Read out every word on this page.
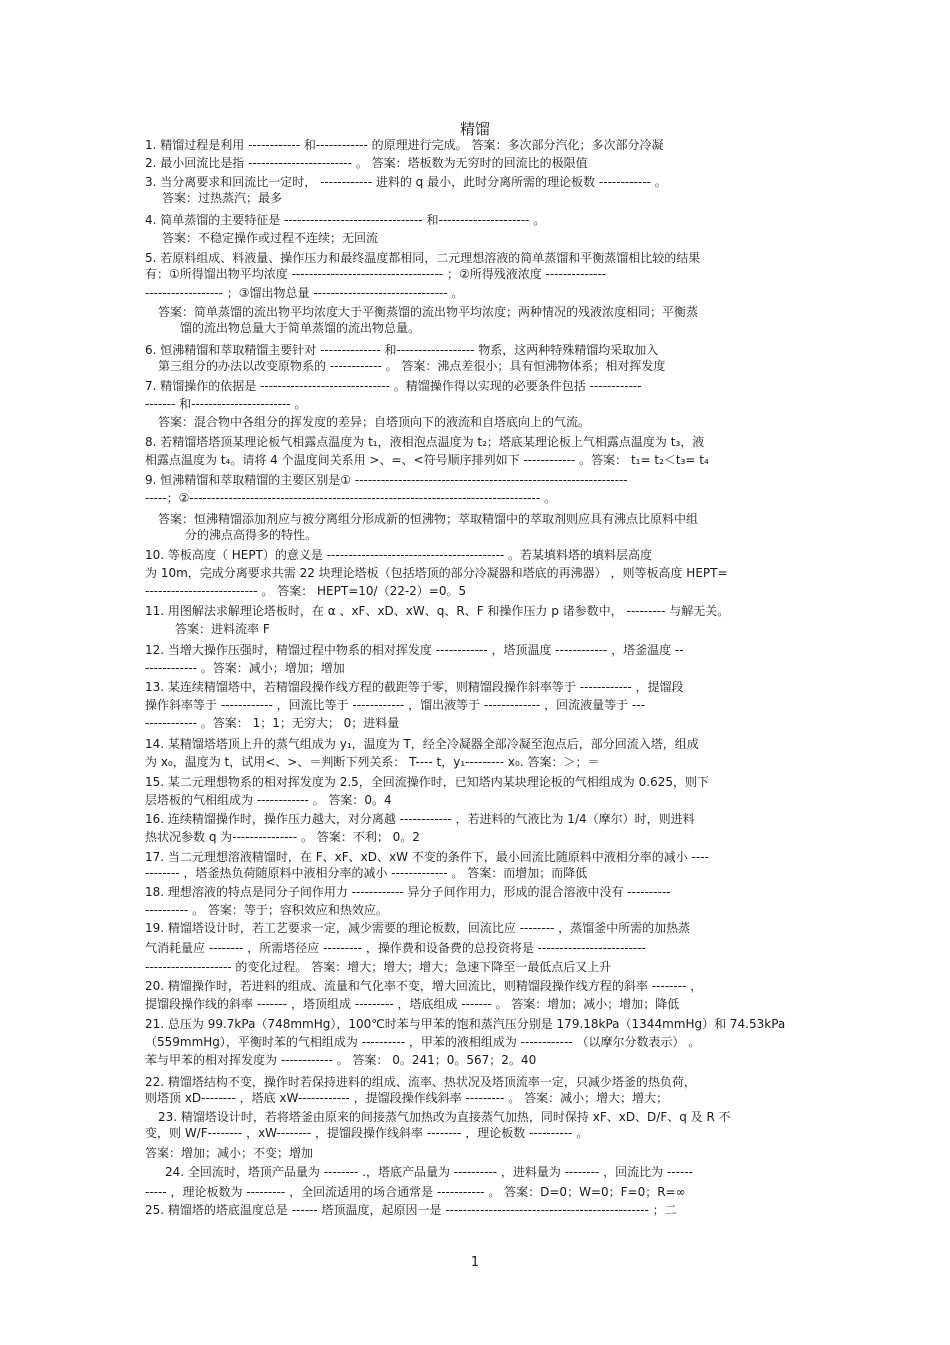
精馏
1. 精馏过程是利用 ------------ 和------------ 的原理进行完成。 答案：多次部分汽化；多次部分冷凝
2. 最小回流比是指 ------------------------ 。 答案：塔板数为无穷时的回流比的极限值
3. 当分离要求和回流比一定时， ------------ 进料的 q 最小，此时分离所需的理论板数 ------------ 。
答案：过热蒸汽；最多
4. 简单蒸馏的主要特征是 -------------------------------- 和--------------------- 。
答案：不稳定操作或过程不连续；无回流
5. 若原料组成、料液量、操作压力和最终温度都相同，二元理想溶液的简单蒸馏和平衡蒸馏相比较的结果
有：①所得馏出物平均浓度 ----------------------------------- ；②所得残液浓度 --------------
------------------ ；③馏出物总量 ------------------------------- 。
答案：简单蒸馏的流出物平均浓度大于平衡蒸馏的流出物平均浓度；两种情况的残液浓度相同；平衡蒸
馏的流出物总量大于简单蒸馏的流出物总量。
6. 恒沸精馏和萃取精馏主要针对 -------------- 和------------------ 物系，这两种特殊精馏均采取加入
第三组分的办法以改变原物系的 ------------ 。 答案：沸点差很小；具有恒沸物体系；相对挥发度
7. 精馏操作的依据是 ------------------------------ 。精馏操作得以实现的必要条件包括 ------------
------- 和----------------------- 。
答案：混合物中各组分的挥发度的差异；自塔顶向下的液流和自塔底向上的气流。
8. 若精馏塔塔顶某理论板气相露点温度为 t₁，液相泡点温度为 t₂；塔底某理论板上气相露点温度为 t₃，液
相露点温度为 t₄。请将 4 个温度间关系用 >、=、<符号顺序排列如下 ------------ 。答案： t₁= t₂＜t₃= t₄
9. 恒沸精馏和萃取精馏的主要区别是① ---------------------------------------------------------------
-----；②--------------------------------------------------------------------------------- 。
答案：恒沸精馏添加剂应与被分离组分形成新的恒沸物；萃取精馏中的萃取剂则应具有沸点比原料中组
分的沸点高得多的特性。
10. 等板高度（ HEPT）的意义是 ----------------------------------------- 。若某填料塔的填料层高度
为 10m，完成分离要求共需 22 块理论塔板（包括塔顶的部分冷凝器和塔底的再沸器） ，则等板高度 HEPT=
-------------------------- 。 答案： HEPT=10/（22-2）=0。5
11. 用图解法求解理论塔板时，在 α 、xF、xD、xW、q、R、F 和操作压力 p 诸参数中， --------- 与解无关。
答案：进料流率 F
12. 当增大操作压强时，精馏过程中物系的相对挥发度 ------------ ，塔顶温度 ------------ ，塔釜温度 --
------------ 。答案：减小；增加；增加
13. 某连续精馏塔中，若精馏段操作线方程的截距等于零，则精馏段操作斜率等于 ------------ ，提馏段
操作斜率等于 ------------ ，回流比等于 ------------ ，馏出液等于 ------------- ，回流液量等于 ---
------------ 。答案： 1；1；无穷大； 0；进料量
14. 某精馏塔塔顶上升的蒸气组成为 y₁，温度为 T，经全冷凝器全部冷凝至泡点后，部分回流入塔，组成
为 x₀，温度为 t，试用<、>、＝判断下列关系： T---- t，y₁--------- x₀. 答案：＞；＝
15. 某二元理想物系的相对挥发度为 2.5，全回流操作时，已知塔内某块理论板的气相组成为 0.625，则下
层塔板的气相组成为 ------------ 。 答案：0。4
16. 连续精馏操作时，操作压力越大，对分离越 ------------ ，若进料的气液比为 1/4（摩尔）时，则进料
热状况参数 q 为--------------- 。 答案：不利； 0。2
17. 当二元理想溶液精馏时，在 F、xF、xD、xW 不变的条件下，最小回流比随原料中液相分率的减小 ----
-------- ，塔釜热负荷随原料中液相分率的减小 ------------- 。 答案：而增加；而降低
18. 理想溶液的特点是同分子间作用力 ------------ 异分子间作用力，形成的混合溶液中没有 ----------
---------- 。 答案：等于；容积效应和热效应。
19. 精馏塔设计时，若工艺要求一定，减少需要的理论板数，回流比应 -------- ，蒸馏釜中所需的加热蒸
气消耗量应 -------- ，所需塔径应 --------- ，操作费和设备费的总投资将是 -------------------------
-------------------- 的变化过程。 答案：增大；增大；增大；急速下降至一最低点后又上升
20. 精馏操作时，若进料的组成、流量和气化率不变，增大回流比，则精馏段操作线方程的斜率 -------- ，
提馏段操作线的斜率 ------- ，塔顶组成 --------- ，塔底组成 ------- 。 答案：增加；减小；增加；降低
21. 总压为 99.7kPa（748mmHg），100℃时苯与甲苯的饱和蒸汽压分别是 179.18kPa（1344mmHg）和 74.53kPa
（559mmHg），平衡时苯的气相组成为 ---------- ，甲苯的液相组成为 ------------ （以摩尔分数表示） 。
苯与甲苯的相对挥发度为 ------------ 。 答案： 0。241；0。567；2。40
22. 精馏塔结构不变，操作时若保持进料的组成、流率、热状况及塔顶流率一定，只减少塔釜的热负荷，
则塔顶 xD-------- ，塔底 xW------------ ，提馏段操作线斜率 --------- 。 答案：减小；增大；增大；
23. 精馏塔设计时，若将塔釜由原来的间接蒸气加热改为直接蒸气加热，同时保持 xF、xD、D/F、q 及 R 不
变，则 W/F-------- ，xW-------- ，提馏段操作线斜率 -------- ，理论板数 ---------- 。
答案：增加；减小；不变；增加
24. 全回流时，塔顶产品量为 -------- .，塔底产品量为 ---------- ，进料量为 -------- ，回流比为 ------
----- ，理论板数为 --------- ，全回流适用的场合通常是 ----------- 。 答案：D=0；W=0；F=0；R=∞
25. 精馏塔的塔底温度总是 ------ 塔顶温度，起原因一是 ----------------------------------------------- ；二
1
